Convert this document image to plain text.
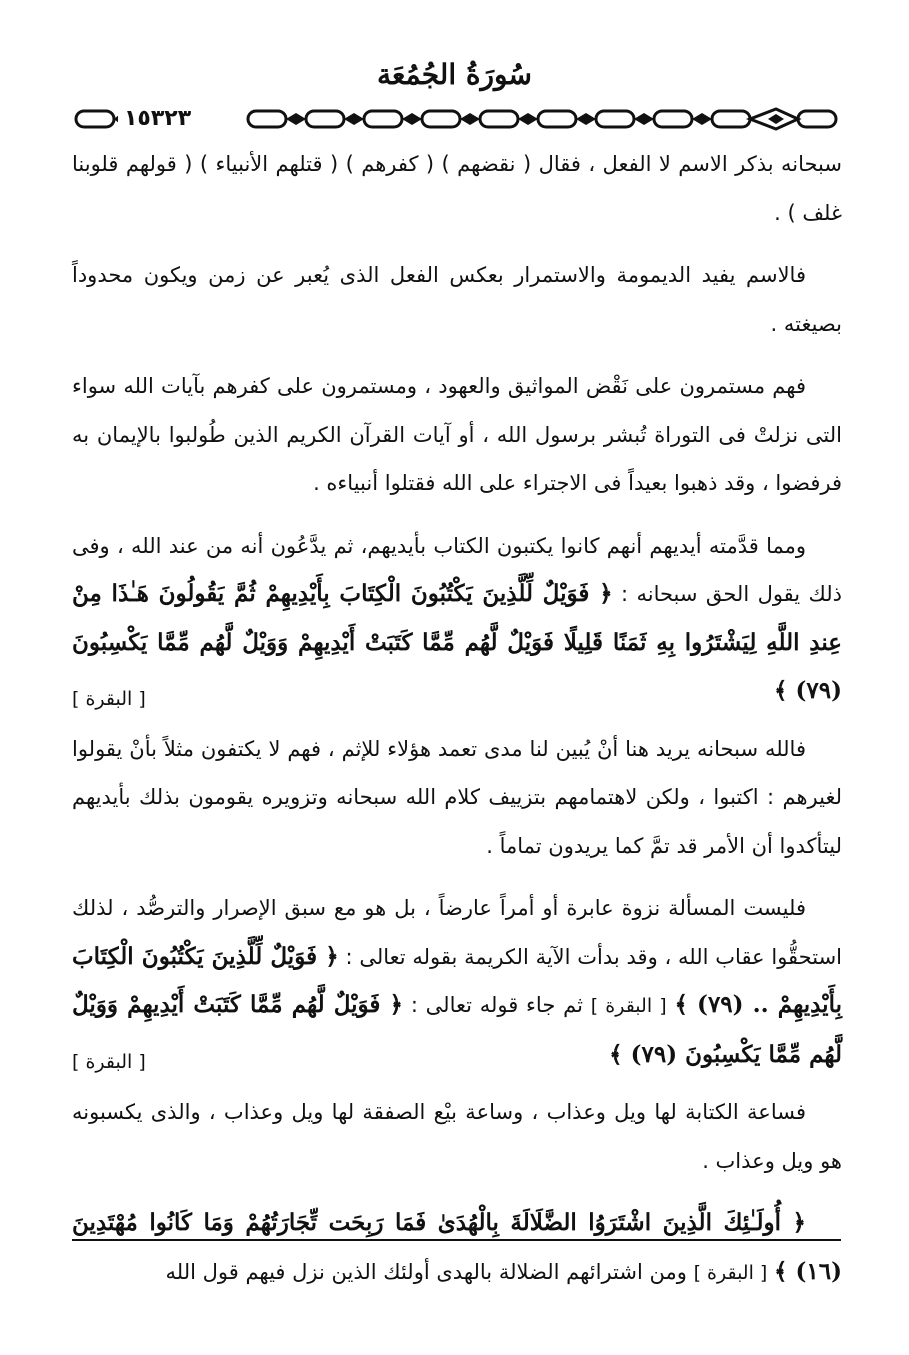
سُورَةُ الجُمُعَة
١٥٣٢٣

سبحانه بذكر الاسم لا الفعل ، فقال ( نقضهم ) ( كفرهم ) ( قتلهم الأنبياء ) ( قولهم قلوبنا غلف ) .

فالاسم يفيد الديمومة والاستمرار بعكس الفعل الذى يُعبر عن زمن ويكون محدوداً بصيغته .

فهم مستمرون على نَقْض المواثيق والعهود ، ومستمرون على كفرهم بآيات الله سواء التى نزلتْ فى التوراة تُبشر برسول الله ، أو آيات القرآن الكريم الذين طُولبوا بالإيمان به فرفضوا ، وقد ذهبوا بعيداً فى الاجتراء على الله فقتلوا أنبياءه .

ومما قدَّمته أيديهم أنهم كانوا يكتبون الكتاب بأيديهم، ثم يدَّعُون أنه من عند الله ، وفى ذلك يقول الحق سبحانه : ﴿ فَوَيْلٌ لِّلَّذِينَ يَكْتُبُونَ الْكِتَابَ بِأَيْدِيهِمْ ثُمَّ يَقُولُونَ هَـٰذَا مِنْ عِندِ اللَّهِ لِيَشْتَرُوا بِهِ ثَمَنًا قَلِيلًا فَوَيْلٌ لَّهُم مِّمَّا كَتَبَتْ أَيْدِيهِمْ وَوَيْلٌ لَّهُم مِّمَّا يَكْسِبُونَ (٧٩) ﴾

[ البقرة ]

فالله سبحانه يريد هنا أنْ يُبين لنا مدى تعمد هؤلاء للإثم ، فهم لا يكتفون مثلاً بأنْ يقولوا لغيرهم : اكتبوا ، ولكن لاهتمامهم بتزييف كلام الله سبحانه وتزويره يقومون بذلك بأيديهم ليتأكدوا أن الأمر قد تمَّ كما يريدون تماماً .

فليست المسألة نزوة عابرة أو أمراً عارضاً ، بل هو مع سبق الإصرار والترصُّد ، لذلك استحقُّوا عقاب الله ، وقد بدأت الآية الكريمة بقوله تعالى : ﴿ فَوَيْلٌ لِّلَّذِينَ يَكْتُبُونَ الْكِتَابَ بِأَيْدِيهِمْ .. (٧٩) ﴾ [ البقرة ] ثم جاء قوله تعالى : ﴿ فَوَيْلٌ لَّهُم مِّمَّا كَتَبَتْ أَيْدِيهِمْ وَوَيْلٌ لَّهُم مِّمَّا يَكْسِبُونَ (٧٩) ﴾

[ البقرة ]

فساعة الكتابة لها ويل وعذاب ، وساعة بيْع الصفقة لها ويل وعذاب ، والذى يكسبونه هو ويل وعذاب .

﴿ أُولَـٰئِكَ الَّذِينَ اشْتَرَوُا الضَّلَالَةَ بِالْهُدَىٰ فَمَا رَبِحَت تِّجَارَتُهُمْ وَمَا كَانُوا مُهْتَدِينَ (١٦) ﴾ [ البقرة ] ومن اشترائهم الضلالة بالهدى أولئك الذين نزل فيهم قول الله
